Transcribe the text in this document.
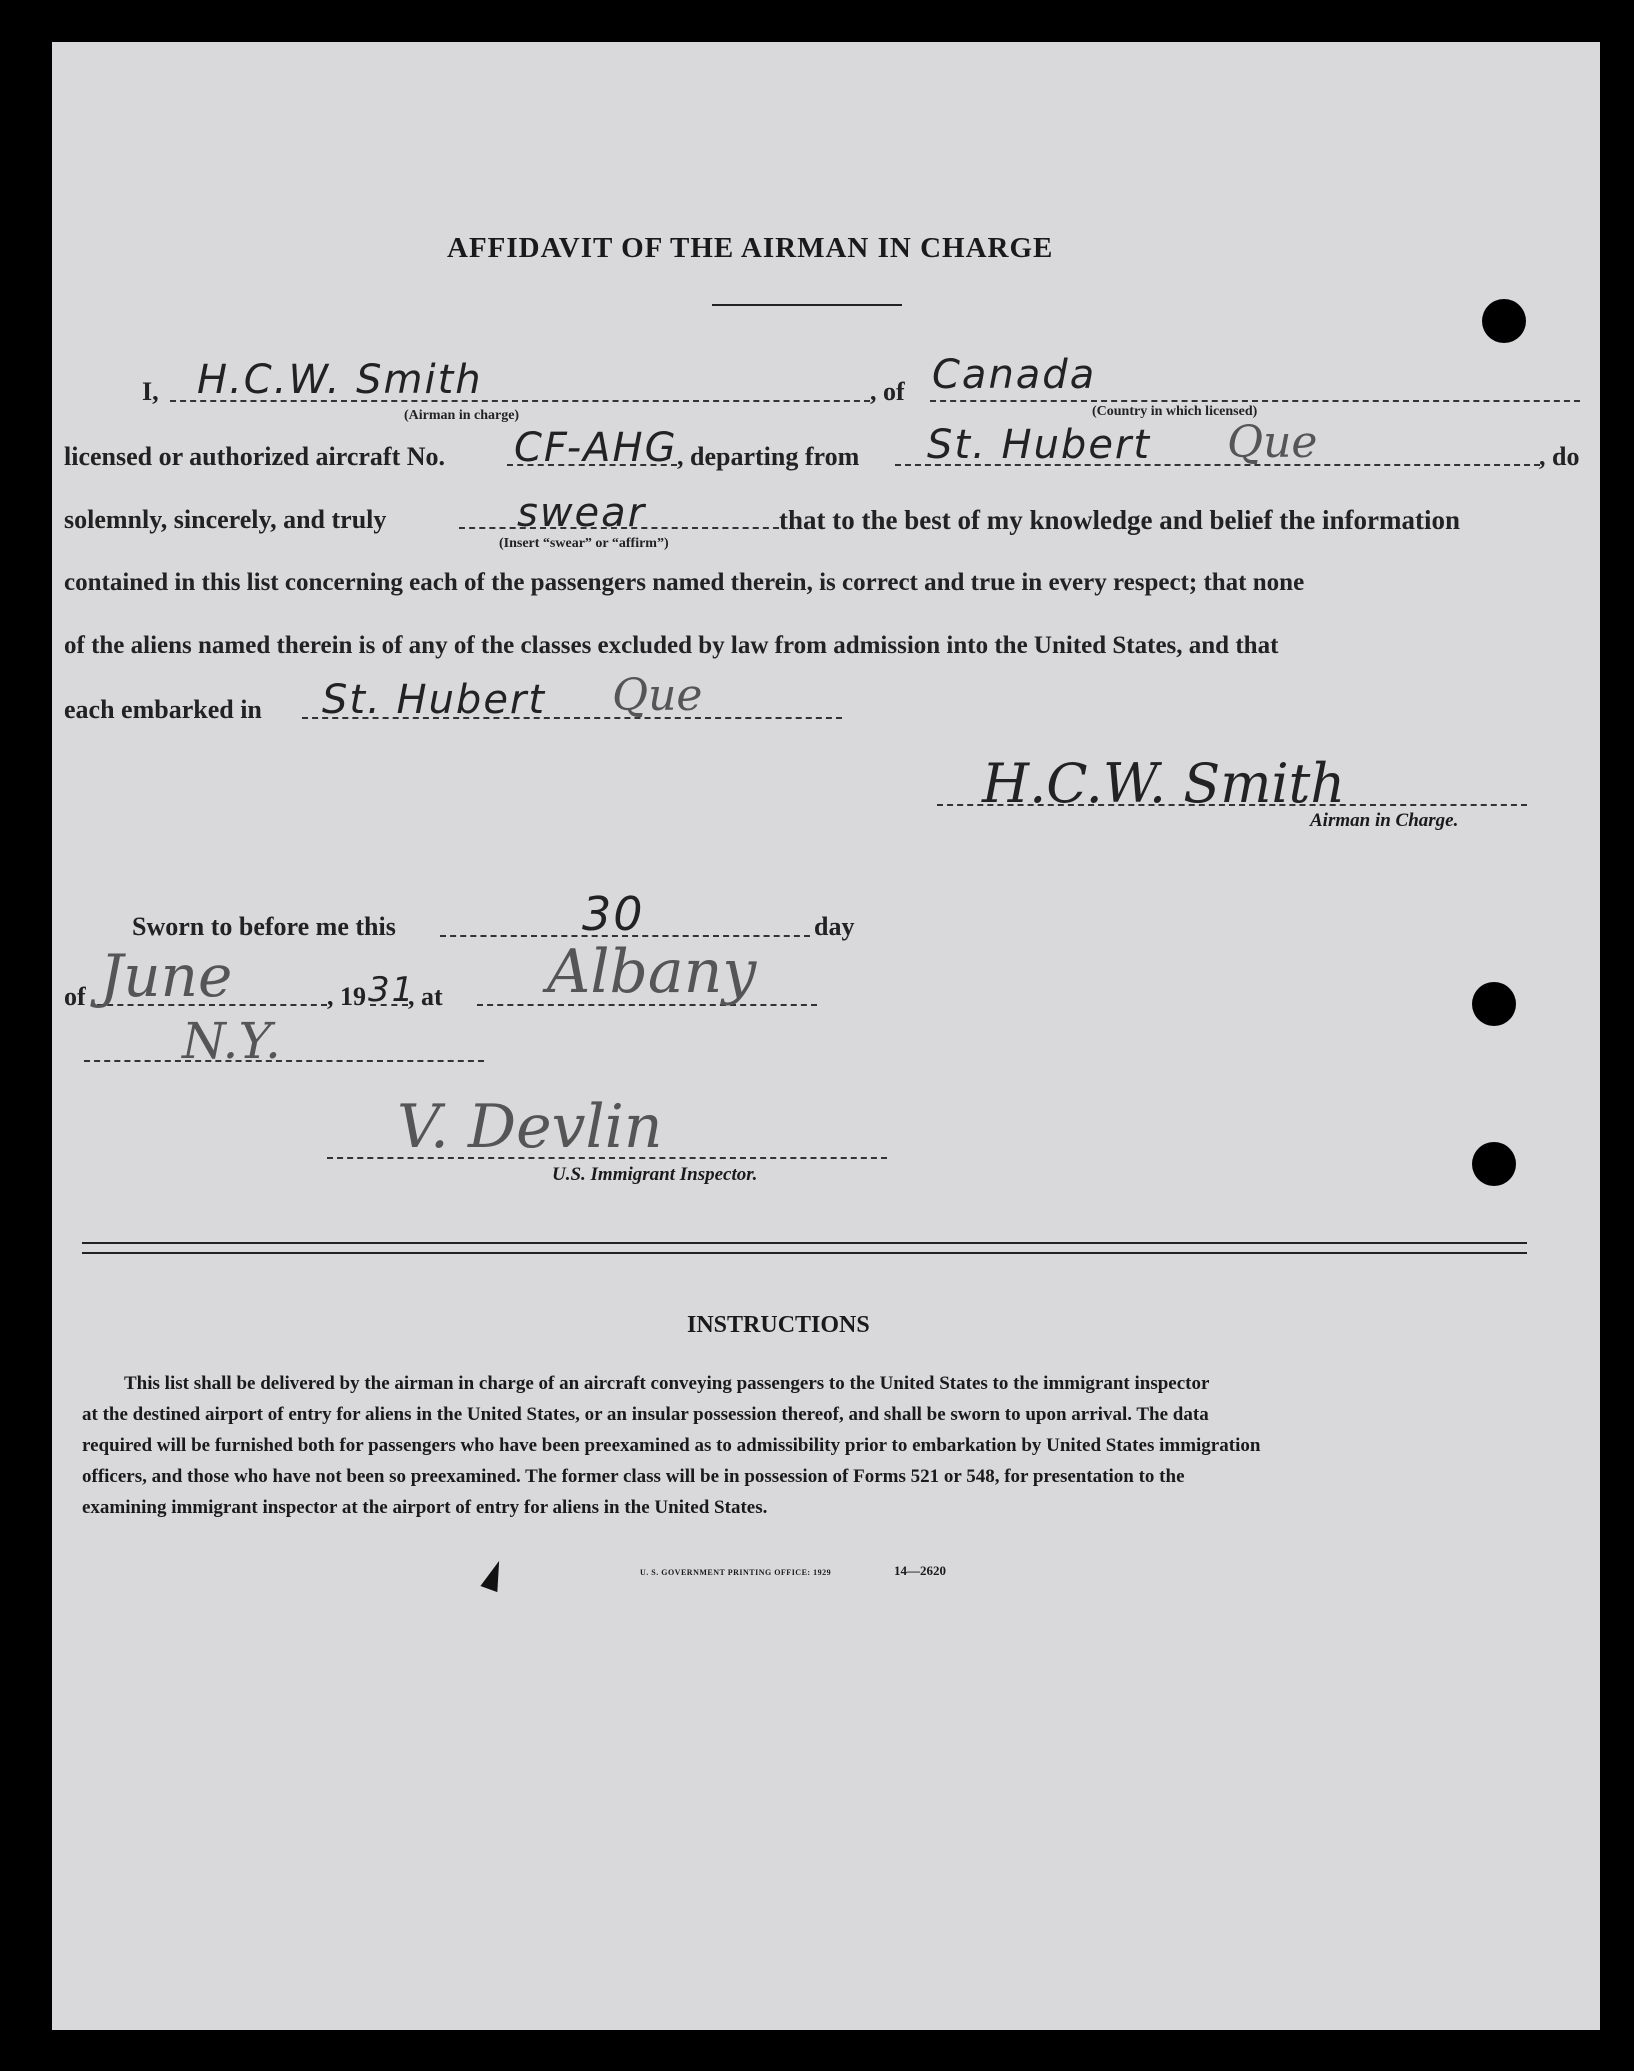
AFFIDAVIT OF THE AIRMAN IN CHARGE
I, H.C.W. Smith	, of Canada
(Airman in charge)	(Country in which licensed)
licensed or authorized aircraft No. CF-AHG , departing from St. Hubert Que	, do
solemnly, sincerely, and truly	swear
(Insert “swear” or “affirm”)
that to the best of my knowledge and belief the information
contained in this list concerning each of the passengers named therein, is correct and true in every respect; that none
of the aliens named therein is of any of the classes excluded by law from admission into the United States, and that
each embarked in St. Hubert Que
H.C.W. Smith
Airman in Charge.
Sworn to before me this	30	day
of June	, 19 31
, at Albany
N.Y.
V. Devlin
U.S. Immigrant Inspector.
INSTRUCTIONS
This list shall be delivered by the airman in charge of an aircraft conveying passengers to the United States to the immigrant inspector
at the destined airport of entry for aliens in the United States, or an insular possession thereof, and shall be sworn to upon arrival. The data
required will be furnished both for passengers who have been preexamined as to admissibility prior to embarkation by United States immigration
officers, and those who have not been so preexamined. The former class will be in possession of Forms 521 or 548, for presentation to the
examining immigrant inspector at the airport of entry for aliens in the United States.
U. S. GOVERNMENT PRINTING OFFICE: 1929	14—2620
